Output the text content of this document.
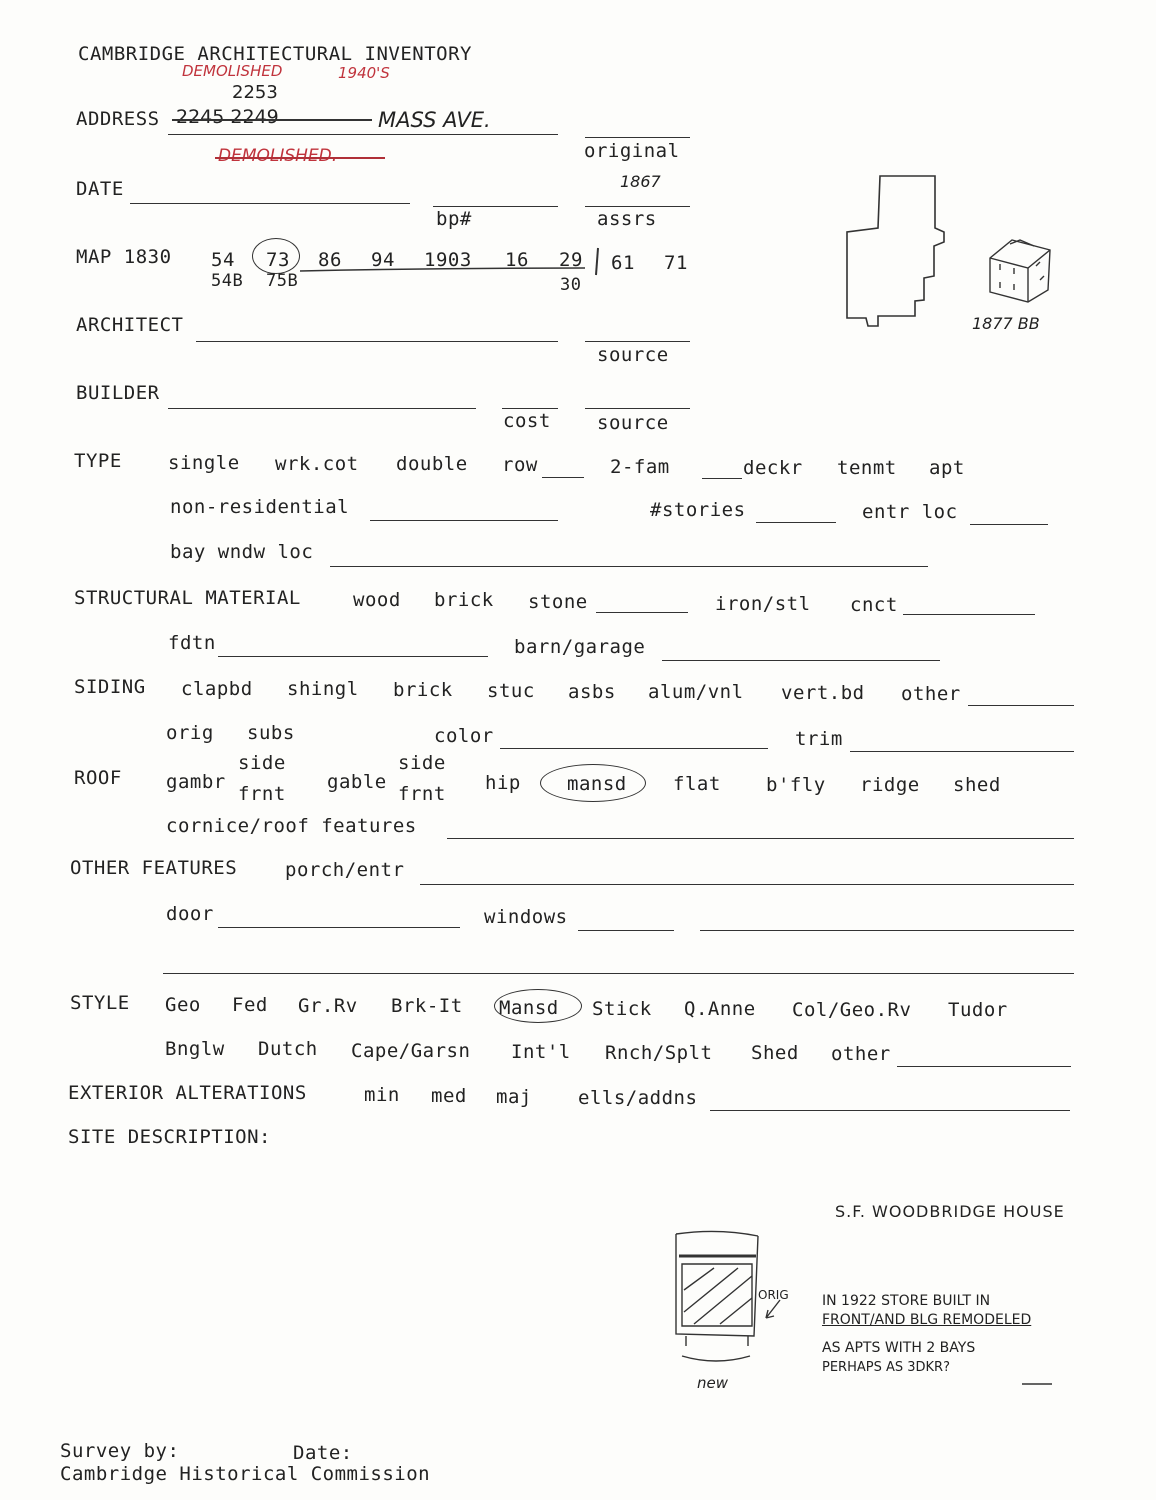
CAMBRIDGE ARCHITECTURAL INVENTORY
DEMOLISHED	1940'S
2253
ADDRESS 2245 2249	MASS AVE.
DEMOLISHED.	original
DATE	1867
bp#	assrs
MAP 1830 54 73 86 94 1903 16 29 61 71
54B 75B	30
ARCHITECT
source
BUILDER
cost source
TYPE single wrk.cot double row	2-fam	deckr tenmt apt
non-residential	#stories	entr loc
bay wndw loc
STRUCTURAL MATERIAL	wood brick stone	iron/stl cnct
fdtn	barn/garage
SIDING clapbd shingl brick stuc asbs alum/vnl vert.bd other
orig subs	color	trim
ROOF gambr
side
frnt
gable
side
frnt hip mansd flat b'fly ridge shed
cornice/roof features
OTHER FEATURES	porch/entr
door	windows
STYLE Geo Fed Gr.Rv Brk-It Mansd Stick Q.Anne Col/Geo.Rv Tudor
Bnglw Dutch Cape/Garsn Int'l Rnch/Splt Shed other
EXTERIOR ALTERATIONS	min med maj ells/addns
SITE DESCRIPTION:
S.F. WOODBRIDGE HOUSE
1877 BB
ORIG
new
IN 1922 STORE BUILT IN
FRONT/AND BLG REMODELED
AS APTS WITH 2 BAYS
PERHAPS AS 3DKR?
Survey by:	Date:
Cambridge Historical Commission
